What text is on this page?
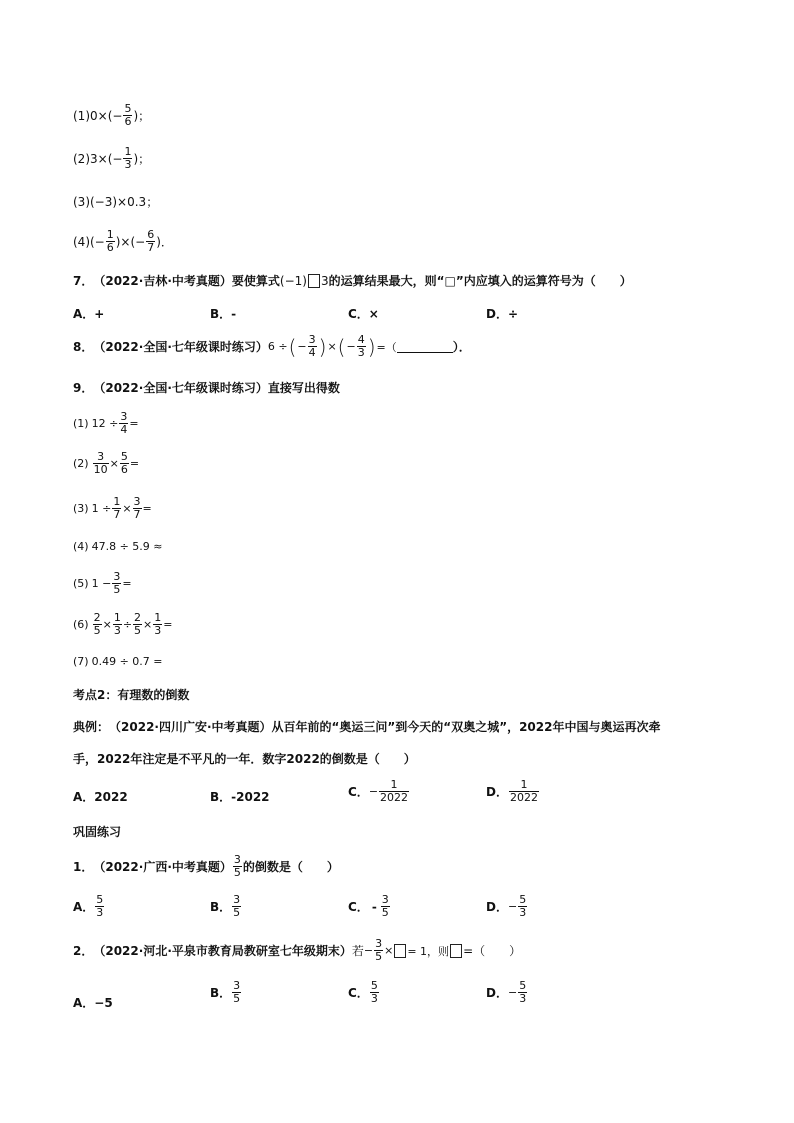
(1) 0 ×( − $\frac{5}{6}$ )；
(2) 3 ×( − $\frac{1}{3}$ )；
(3) (−3)×0.3；
(4) (− $\frac{1}{6}$ )×(− $\frac{6}{7}$ )．
7． （2022·吉林·中考真题） 要使算式 (−1) 3 的运算结果最大，则“□”内应填入的运算符号为（　　）
A．+	B．-	C．×	D．÷
8． （2022·全国·七年级课时练习） 6 ÷ ( − $\frac{3}{4}$ ) × ( − $\frac{4}{3}$ ) =（	）．
9． （2022·全国·七年级课时练习） 直接写出得数
(1) $12 \div \frac{3}{4}$ =
$(2) \frac{3}{10} \times \frac{5}{6}$ =
(3) $1 \div \frac{1}{7} \times \frac{3}{7}$ =
(4) 47.8 ÷ 5.9 ≈
(5) $1 - \frac{3}{5}$ =
$(6) \frac{2}{5} \times \frac{1}{3} \div \frac{2}{5} \times \frac{1}{3}$ =
(7) 0.49 ÷ 0.7 =
考点2：有理数的倒数
典例： （2022·四川广安·中考真题）从百年前的“奥运三问”到今天的“双奥之城”，2022年中国与奥运再次牵
手，2022年注定是不平凡的一年．数字2022的倒数是（　　）
A．2022	B．-2022	C． − $\frac{1}{2022}$	D． $\frac{1}{2022}$
巩固练习
1． （2022·广西·中考真题） $\frac{3}{5}$ 的倒数是（　　）
A． $\frac{5}{3}$	B． $\frac{3}{5}$	C． - $\frac{3}{5}$	D． − $\frac{5}{3}$
2． （2022·河北·平泉市教育局教研室七年级期末） 若 − $\frac{3}{5}$ × = 1，则 =（　　）
A．−5
B． $\frac{3}{5}$	C． $\frac{5}{3}$	D． − $\frac{5}{3}$
